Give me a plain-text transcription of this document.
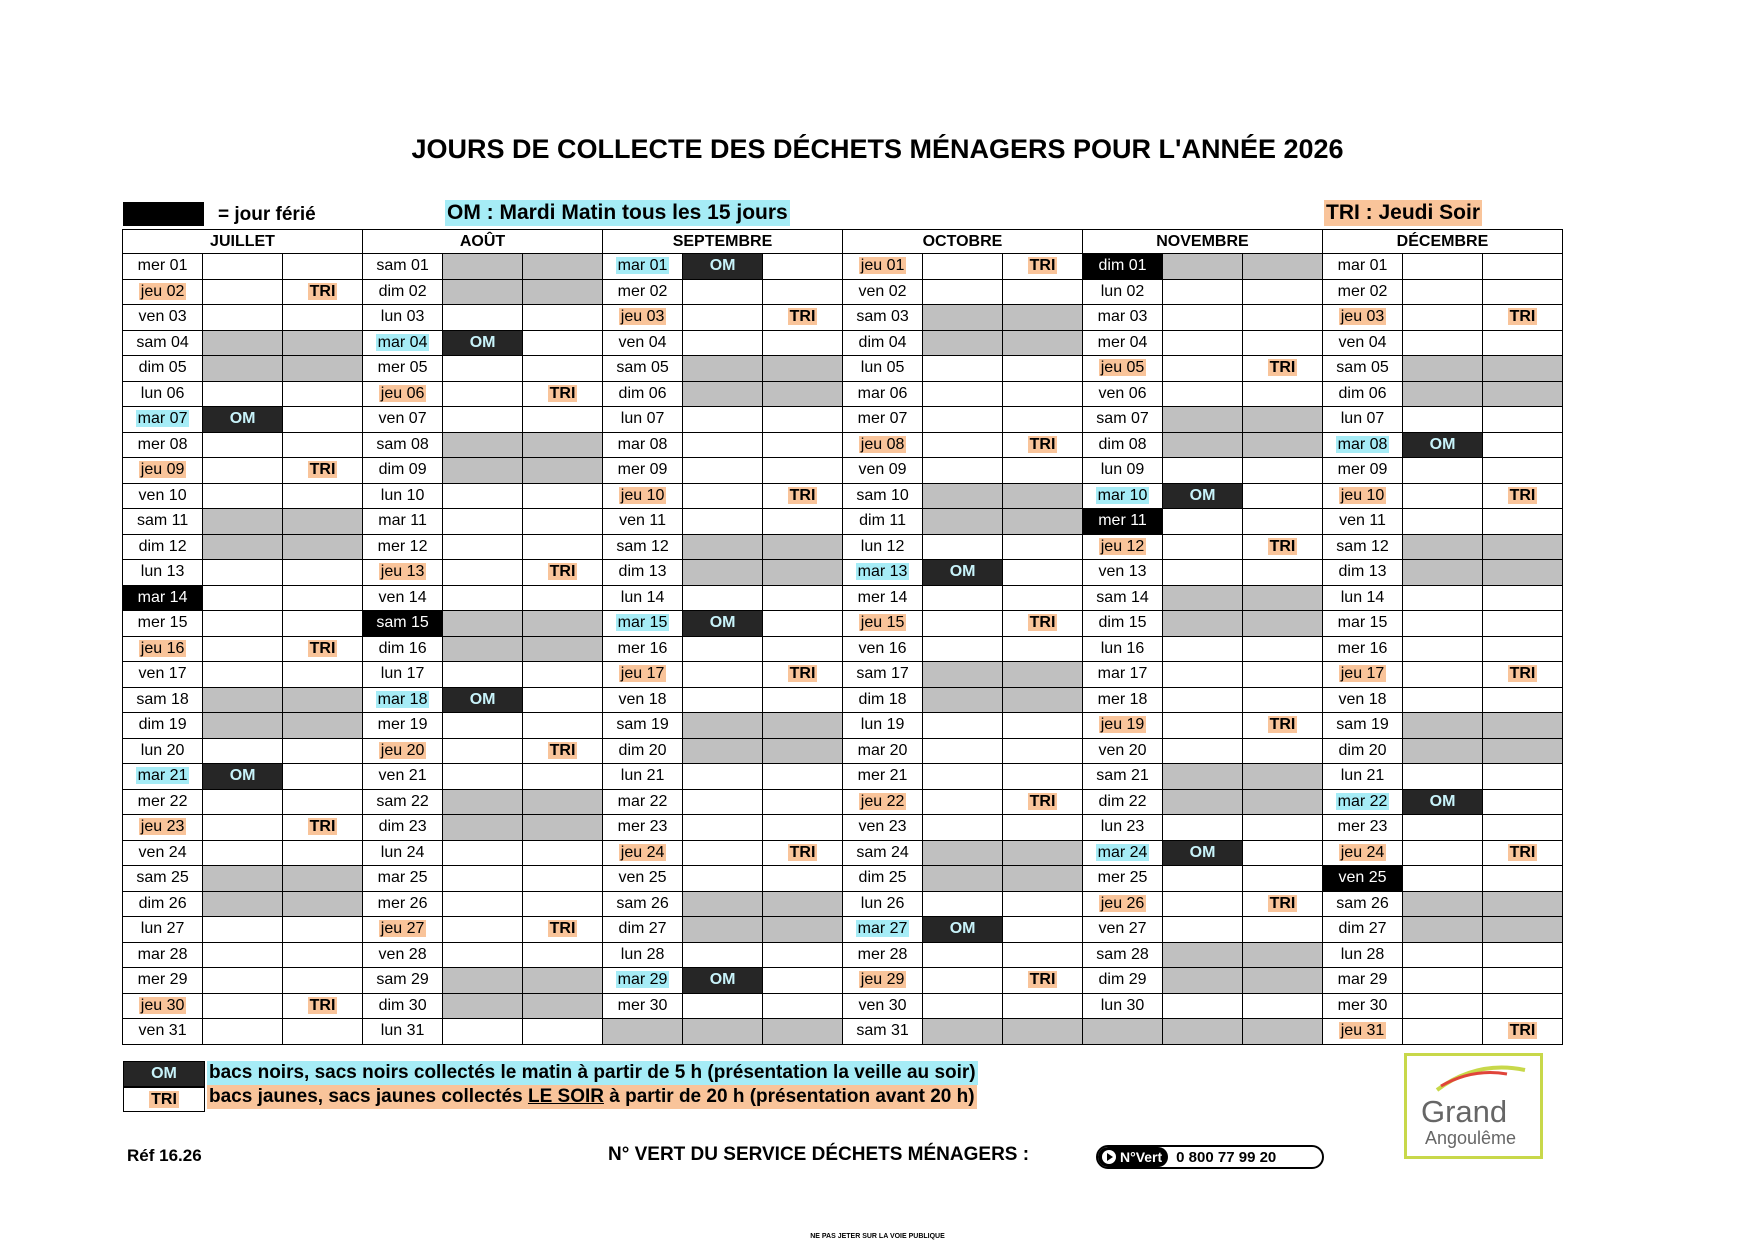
JOURS DE COLLECTE DES DÉCHETS MÉNAGERS POUR L'ANNÉE 2026
= jour férié	OM : Mardi Matin tous les 15 jours	TRI : Jeudi Soir
JUILLET			AOÛT			SEPTEMBRE			OCTOBRE			NOVEMBRE			DÉCEMBRE		
mer 01			sam 01			mar 01	OM		jeu 01		TRI	dim 01			mar 01		
jeu 02		TRI	dim 02			mer 02			ven 02			lun 02			mer 02		
ven 03			lun 03			jeu 03		TRI	sam 03			mar 03			jeu 03		TRI
sam 04			mar 04	OM		ven 04			dim 04			mer 04			ven 04		
dim 05			mer 05			sam 05			lun 05			jeu 05		TRI	sam 05		
lun 06			jeu 06		TRI	dim 06			mar 06			ven 06			dim 06		
mar 07	OM		ven 07			lun 07			mer 07			sam 07			lun 07		
mer 08			sam 08			mar 08			jeu 08		TRI	dim 08			mar 08	OM	
jeu 09		TRI	dim 09			mer 09			ven 09			lun 09			mer 09		
ven 10			lun 10			jeu 10		TRI	sam 10			mar 10	OM		jeu 10		TRI
sam 11			mar 11			ven 11			dim 11			mer 11			ven 11		
dim 12			mer 12			sam 12			lun 12			jeu 12		TRI	sam 12		
lun 13			jeu 13		TRI	dim 13			mar 13	OM		ven 13			dim 13		
mar 14			ven 14			lun 14			mer 14			sam 14			lun 14		
mer 15			sam 15			mar 15	OM		jeu 15		TRI	dim 15			mar 15		
jeu 16		TRI	dim 16			mer 16			ven 16			lun 16			mer 16		
ven 17			lun 17			jeu 17		TRI	sam 17			mar 17			jeu 17		TRI
sam 18			mar 18	OM		ven 18			dim 18			mer 18			ven 18		
dim 19			mer 19			sam 19			lun 19			jeu 19		TRI	sam 19		
lun 20			jeu 20		TRI	dim 20			mar 20			ven 20			dim 20		
mar 21	OM		ven 21			lun 21			mer 21			sam 21			lun 21		
mer 22			sam 22			mar 22			jeu 22		TRI	dim 22			mar 22	OM	
jeu 23		TRI	dim 23			mer 23			ven 23			lun 23			mer 23		
ven 24			lun 24			jeu 24		TRI	sam 24			mar 24	OM		jeu 24		TRI
sam 25			mar 25			ven 25			dim 25			mer 25			ven 25		
dim 26			mer 26			sam 26			lun 26			jeu 26		TRI	sam 26		
lun 27			jeu 27		TRI	dim 27			mar 27	OM		ven 27			dim 27		
mar 28			ven 28			lun 28			mer 28			sam 28			lun 28		
mer 29			sam 29			mar 29	OM		jeu 29		TRI	dim 29			mar 29		
jeu 30		TRI	dim 30			mer 30			ven 30			lun 30			mer 30		
ven 31			lun 31						sam 31						jeu 31		TRI
OM
TRI
bacs noirs, sacs noirs collectés le matin à partir de 5 h (présentation la veille au soir)
bacs jaunes, sacs jaunes collectés LE SOIR à partir de 20 h (présentation avant 20 h)
Réf 16.26	N° VERT DU SERVICE DÉCHETS MÉNAGERS :	N°Vert 0 800 77 99 20
Grand
Angoulême
NE PAS JETER SUR LA VOIE PUBLIQUE
